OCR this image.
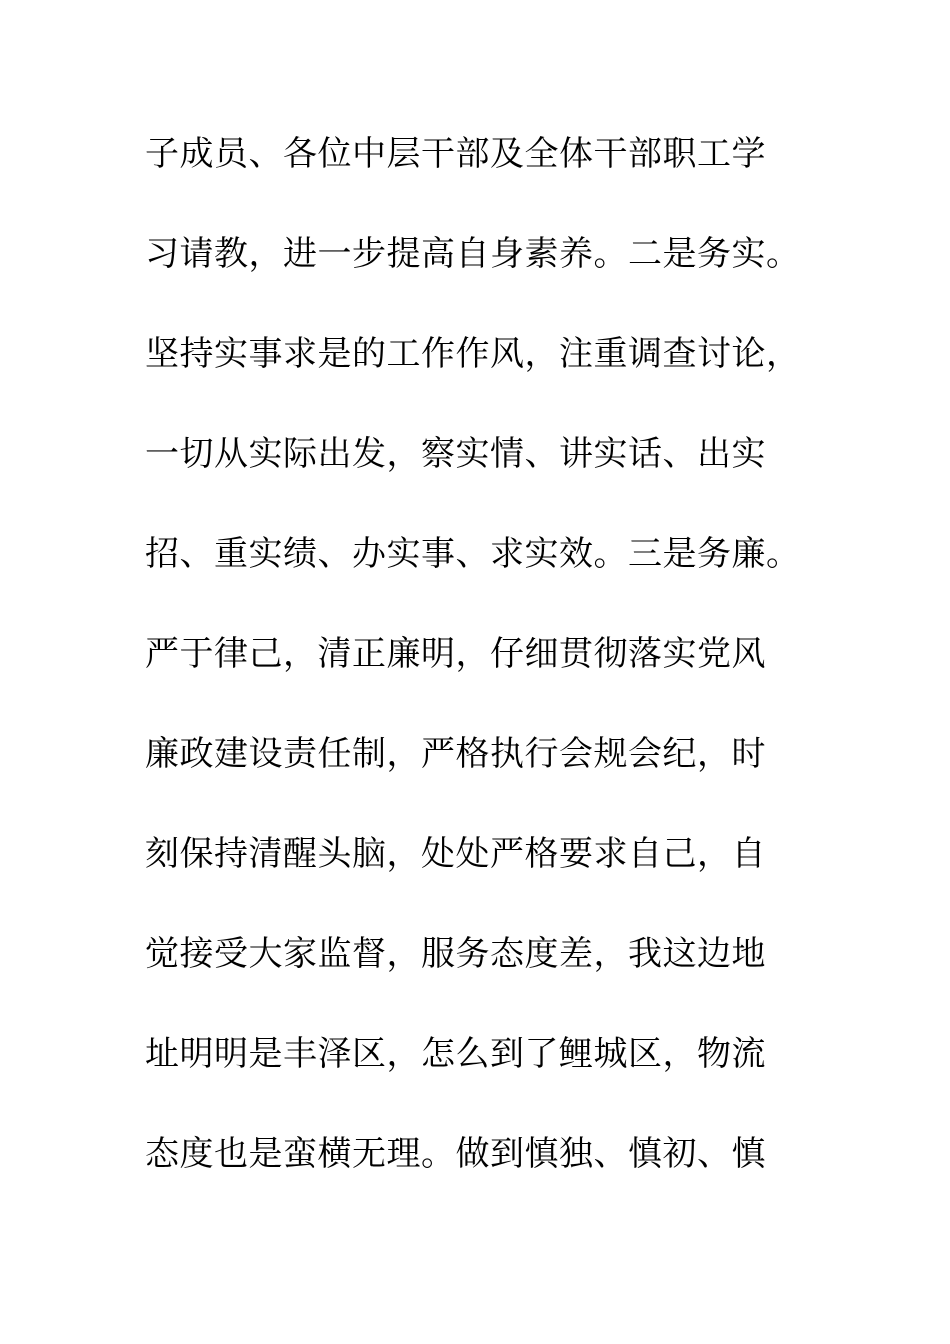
子成员、各位中层干部及全体干部职工学
习请教，进一步提高自身素养。二是务实。
坚持实事求是的工作作风，注重调查讨论，
一切从实际出发，察实情、讲实话、出实
招、重实绩、办实事、求实效。三是务廉。
严于律己，清正廉明，仔细贯彻落实党风
廉政建设责任制，严格执行会规会纪，时
刻保持清醒头脑，处处严格要求自己，自
觉接受大家监督，服务态度差，我这边地
址明明是丰泽区，怎么到了鲤城区，物流
态度也是蛮横无理。做到慎独、慎初、慎
